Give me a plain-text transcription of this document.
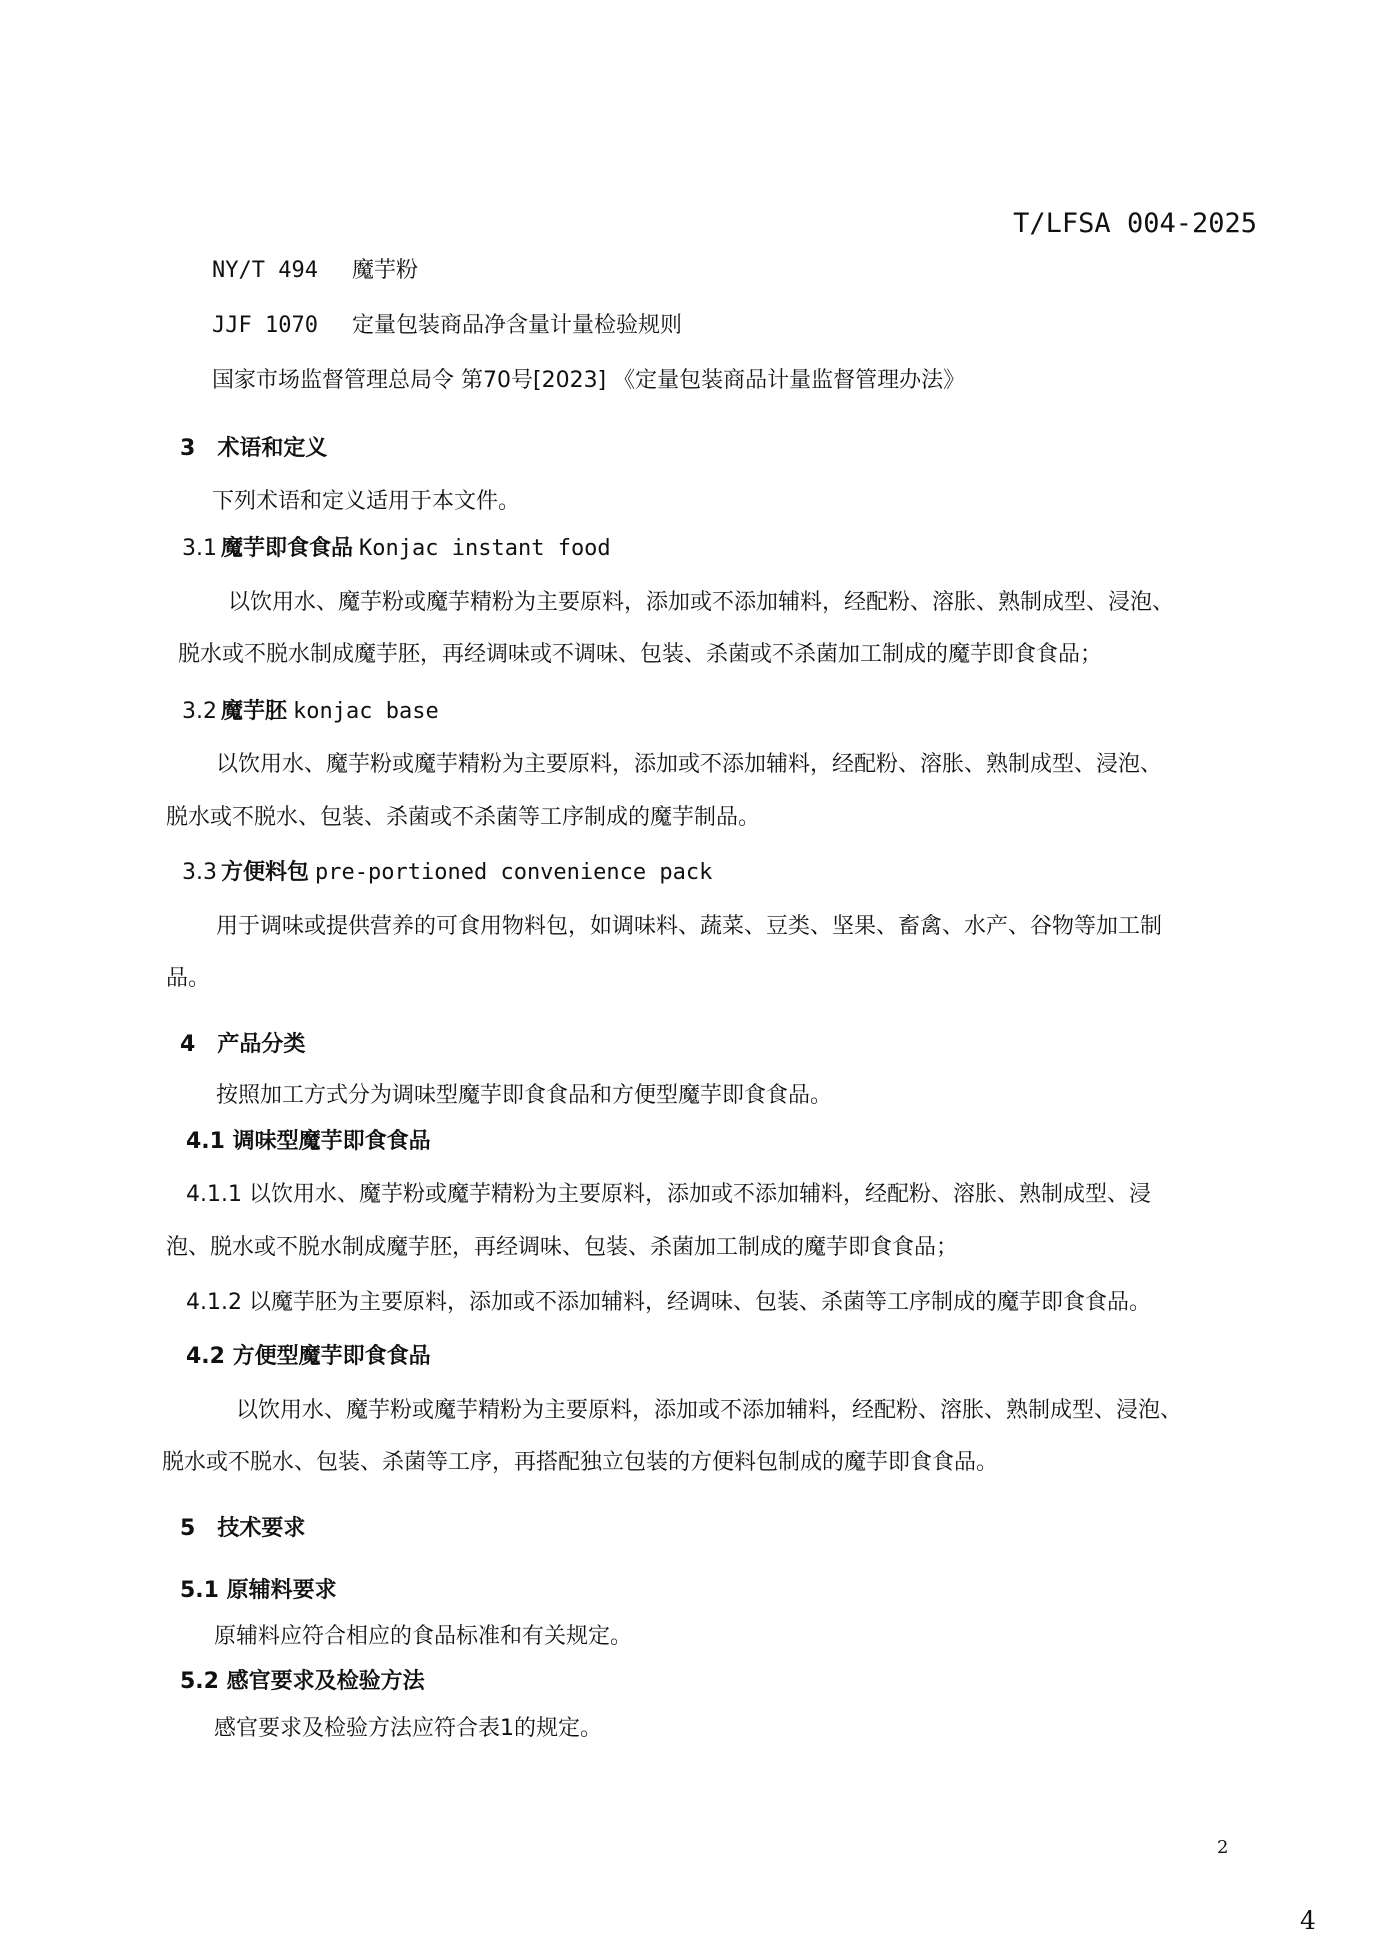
T/LFSA 004-2025
NY/T 494 魔芋粉
JJF 1070 定量包装商品净含量计量检验规则
国家市场监督管理总局令 第70号[2023] 《定量包装商品计量监督管理办法》
3 术语和定义
下列术语和定义适用于本文件。
3.1 魔芋即食食品 Konjac instant food
以饮用水、魔芋粉或魔芋精粉为主要原料，添加或不添加辅料，经配粉、溶胀、熟制成型、浸泡、
脱水或不脱水制成魔芋胚，再经调味或不调味、包装、杀菌或不杀菌加工制成的魔芋即食食品；
3.2 魔芋胚 konjac base
以饮用水、魔芋粉或魔芋精粉为主要原料，添加或不添加辅料，经配粉、溶胀、熟制成型、浸泡、
脱水或不脱水、包装、杀菌或不杀菌等工序制成的魔芋制品。
3.3 方便料包 pre-portioned convenience pack
用于调味或提供营养的可食用物料包，如调味料、蔬菜、豆类、坚果、畜禽、水产、谷物等加工制
品。
4 产品分类
按照加工方式分为调味型魔芋即食食品和方便型魔芋即食食品。
4.1 调味型魔芋即食食品
4.1.1 以饮用水、魔芋粉或魔芋精粉为主要原料，添加或不添加辅料，经配粉、溶胀、熟制成型、浸
泡、脱水或不脱水制成魔芋胚，再经调味、包装、杀菌加工制成的魔芋即食食品；
4.1.2 以魔芋胚为主要原料，添加或不添加辅料，经调味、包装、杀菌等工序制成的魔芋即食食品。
4.2 方便型魔芋即食食品
以饮用水、魔芋粉或魔芋精粉为主要原料，添加或不添加辅料，经配粉、溶胀、熟制成型、浸泡、
脱水或不脱水、包装、杀菌等工序，再搭配独立包装的方便料包制成的魔芋即食食品。
5 技术要求
5.1 原辅料要求
原辅料应符合相应的食品标准和有关规定。
5.2 感官要求及检验方法
感官要求及检验方法应符合表1的规定。
2
4
